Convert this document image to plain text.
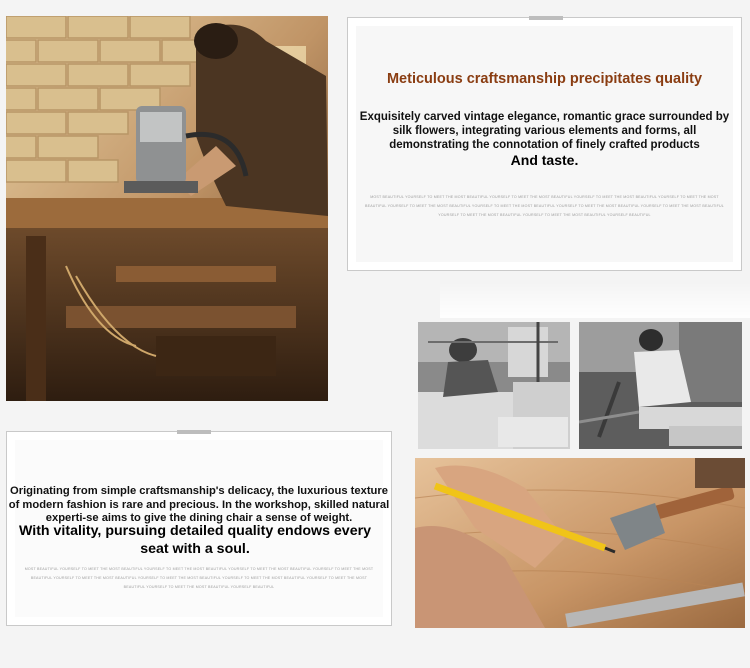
Meticulous craftsmanship precipitates quality
Exquisitely carved vintage elegance, romantic grace surrounded by silk flowers, integrating various elements and forms, all demonstrating the connotation of finely crafted products
And taste.
MOST BEAUTIFUL YOURSELF TO MEET THE MOST BEAUTIFUL YOURSELF TO MEET THE MOST BEAUTIFUL YOURSELF TO MEET THE MOST BEAUTIFUL YOURSELF TO MEET THE MOST BEAUTIFUL YOURSELF TO MEET THE MOST BEAUTIFUL YOURSELF TO MEET THE MOST BEAUTIFUL YOURSELF TO MEET THE MOST BEAUTIFUL YOURSELF TO MEET THE MOST BEAUTIFUL YOURSELF TO MEET THE MOST BEAUTIFUL YOURSELF TO MEET THE MOST BEAUTIFUL YOURSELF BEAUTIFUL
Originating from simple craftsmanship's delicacy, the luxurious texture of modern fashion is rare and precious. In the workshop, skilled natural experti-se aims to give the dining chair a sense of weight.
With vitality, pursuing detailed quality endows every seat with a soul.
MOST BEAUTIFUL YOURSELF TO MEET THE MOST BEAUTIFUL YOURSELF TO MEET THE MOST BEAUTIFUL YOURSELF TO MEET THE MOST BEAUTIFUL YOURSELF TO MEET THE MOST BEAUTIFUL YOURSELF TO MEET THE MOST BEAUTIFUL YOURSELF TO MEET THE MOST BEAUTIFUL YOURSELF TO MEET THE MOST BEAUTIFUL YOURSELF TO MEET THE MOST BEAUTIFUL YOURSELF TO MEET THE MOST BEAUTIFUL YOURSELF BEAUTIFUL
